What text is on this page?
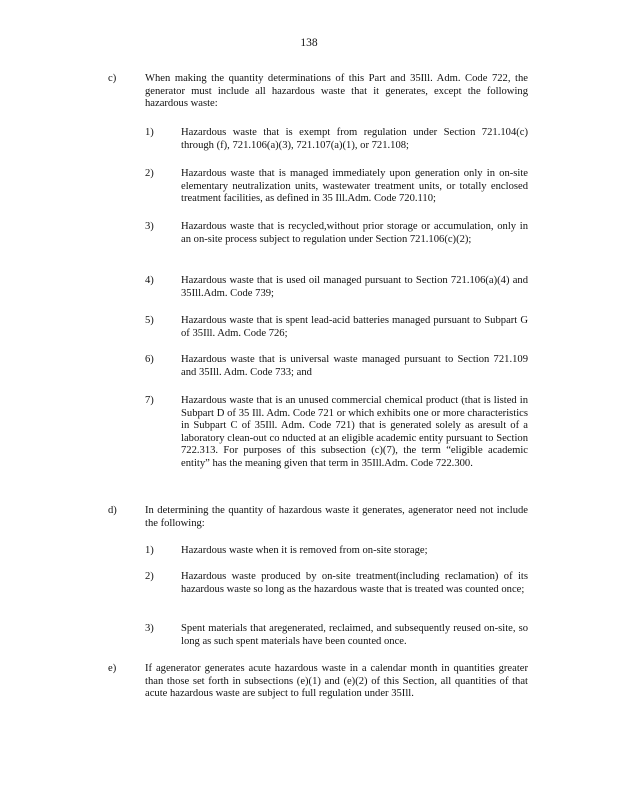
138
c)	When making the quantity determinations of this Part and 35Ill. Adm. Code 722, the generator must include all hazardous waste that it generates, except the following hazardous waste:
1)	Hazardous waste that is exempt from regulation under Section 721.104(c) through (f), 721.106(a)(3), 721.107(a)(1), or 721.108;
2)	Hazardous waste that is managed immediately upon generation only in on-site elementary neutralization units, wastewater treatment units, or totally enclosed treatment facilities, as defined in 35 Ill.Adm. Code 720.110;
3)	Hazardous waste that is recycled,without prior storage or accumulation, only in an on-site process subject to regulation under Section 721.106(c)(2);
4)	Hazardous waste that is used oil managed pursuant to Section 721.106(a)(4) and 35Ill.Adm. Code 739;
5)	Hazardous waste that is spent lead-acid batteries managed pursuant to Subpart G of 35Ill. Adm. Code 726;
6)	Hazardous waste that is universal waste managed pursuant to Section 721.109 and 35Ill. Adm. Code 733; and
7)	Hazardous waste that is an unused commercial chemical product (that is listed in Subpart D of 35 Ill. Adm. Code 721 or which exhibits one or more characteristics in Subpart C of 35Ill. Adm. Code 721) that is generated solely as aresult of a laboratory clean-out co nducted at an eligible academic entity pursuant to Section 722.313. For purposes of this subsection (c)(7), the term “eligible academic entity” has the meaning given that term in 35Ill.Adm. Code 722.300.
d)	In determining the quantity of hazardous waste it generates, agenerator need not include the following:
1)	Hazardous waste when it is removed from on-site storage;
2)	Hazardous waste produced by on-site treatment(including reclamation) of its hazardous waste so long as the hazardous waste that is treated was counted once;
3)	Spent materials that aregenerated, reclaimed, and subsequently reused on-site, so long as such spent materials have been counted once.
e)	If agenerator generates acute hazardous waste in a calendar month in quantities greater than those set forth in subsections (e)(1) and (e)(2) of this Section, all quantities of that acute hazardous waste are subject to full regulation under 35Ill.
